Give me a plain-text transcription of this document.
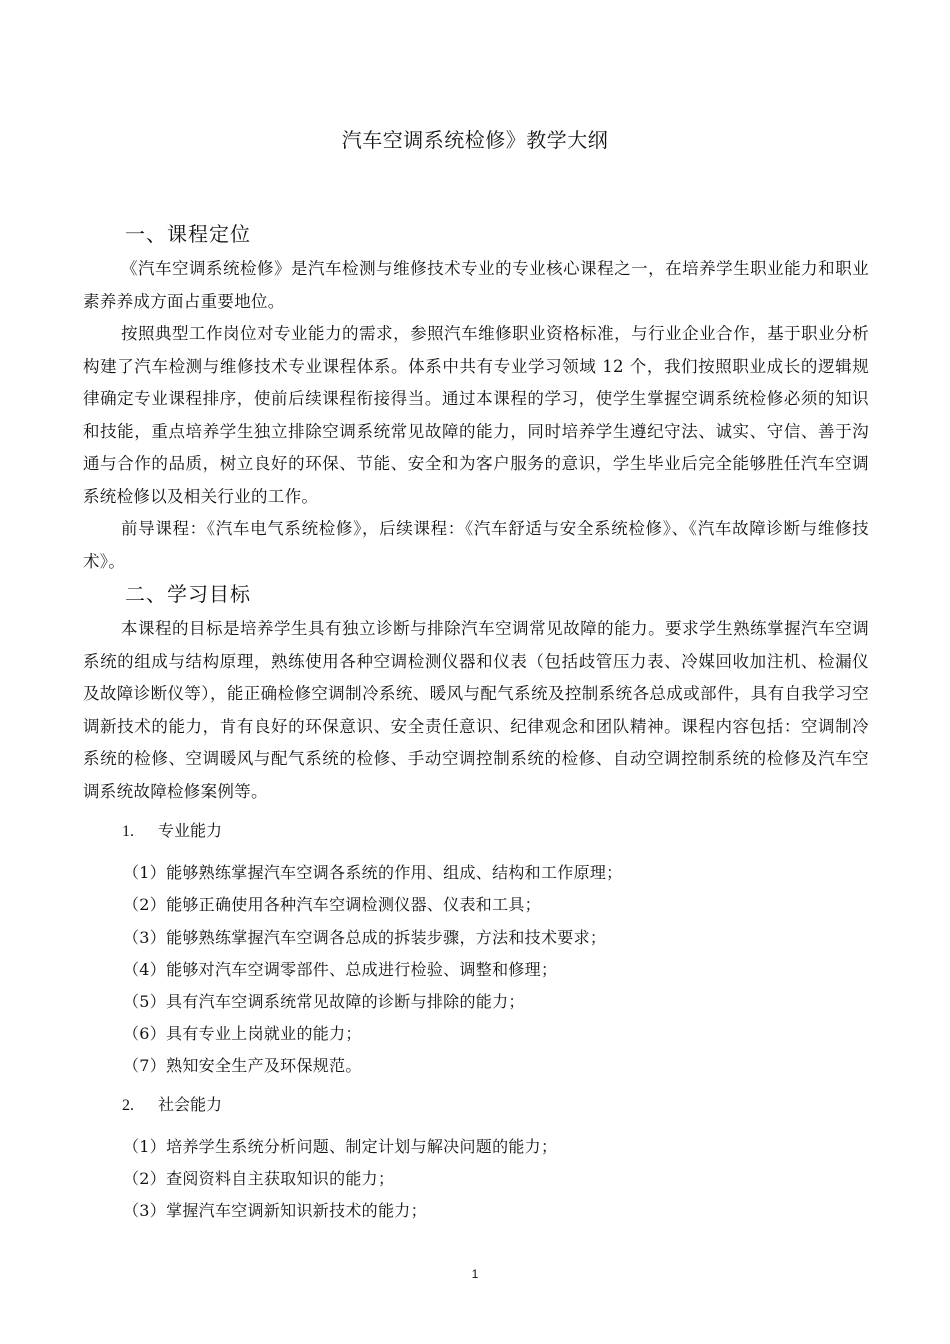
汽车空调系统检修》教学大纲
一、课程定位

《汽车空调系统检修》是汽车检测与维修技术专业的专业核心课程之一，在培养学生职业能力和职业素养养成方面占重要地位。

按照典型工作岗位对专业能力的需求，参照汽车维修职业资格标准，与行业企业合作，基于职业分析构建了汽车检测与维修技术专业课程体系。体系中共有专业学习领域 12 个，我们按照职业成长的逻辑规律确定专业课程排序，使前后续课程衔接得当。通过本课程的学习，使学生掌握空调系统检修必须的知识和技能，重点培养学生独立排除空调系统常见故障的能力，同时培养学生遵纪守法、诚实、守信、善于沟通与合作的品质，树立良好的环保、节能、安全和为客户服务的意识，学生毕业后完全能够胜任汽车空调系统检修以及相关行业的工作。

前导课程：《汽车电气系统检修》，后续课程：《汽车舒适与安全系统检修》、《汽车故障诊断与维修技术》。

二、学习目标

本课程的目标是培养学生具有独立诊断与排除汽车空调常见故障的能力。要求学生熟练掌握汽车空调系统的组成与结构原理，熟练使用各种空调检测仪器和仪表（包括歧管压力表、冷媒回收加注机、检漏仪及故障诊断仪等），能正确检修空调制冷系统、暖风与配气系统及控制系统各总成或部件，具有自我学习空调新技术的能力，肯有良好的环保意识、安全责任意识、纪律观念和团队精神。课程内容包括：空调制冷系统的检修、空调暖风与配气系统的检修、手动空调控制系统的检修、自动空调控制系统的检修及汽车空调系统故障检修案例等。

1. 专业能力
（1）能够熟练掌握汽车空调各系统的作用、组成、结构和工作原理；
（2）能够正确使用各种汽车空调检测仪器、仪表和工具；
（3）能够熟练掌握汽车空调各总成的拆装步骤，方法和技术要求；
（4）能够对汽车空调零部件、总成进行检验、调整和修理；
（5）具有汽车空调系统常见故障的诊断与排除的能力；
（6）具有专业上岗就业的能力；
（7）熟知安全生产及环保规范。
2. 社会能力
（1）培养学生系统分析问题、制定计划与解决问题的能力；
（2）查阅资料自主获取知识的能力；
（3）掌握汽车空调新知识新技术的能力；
1
